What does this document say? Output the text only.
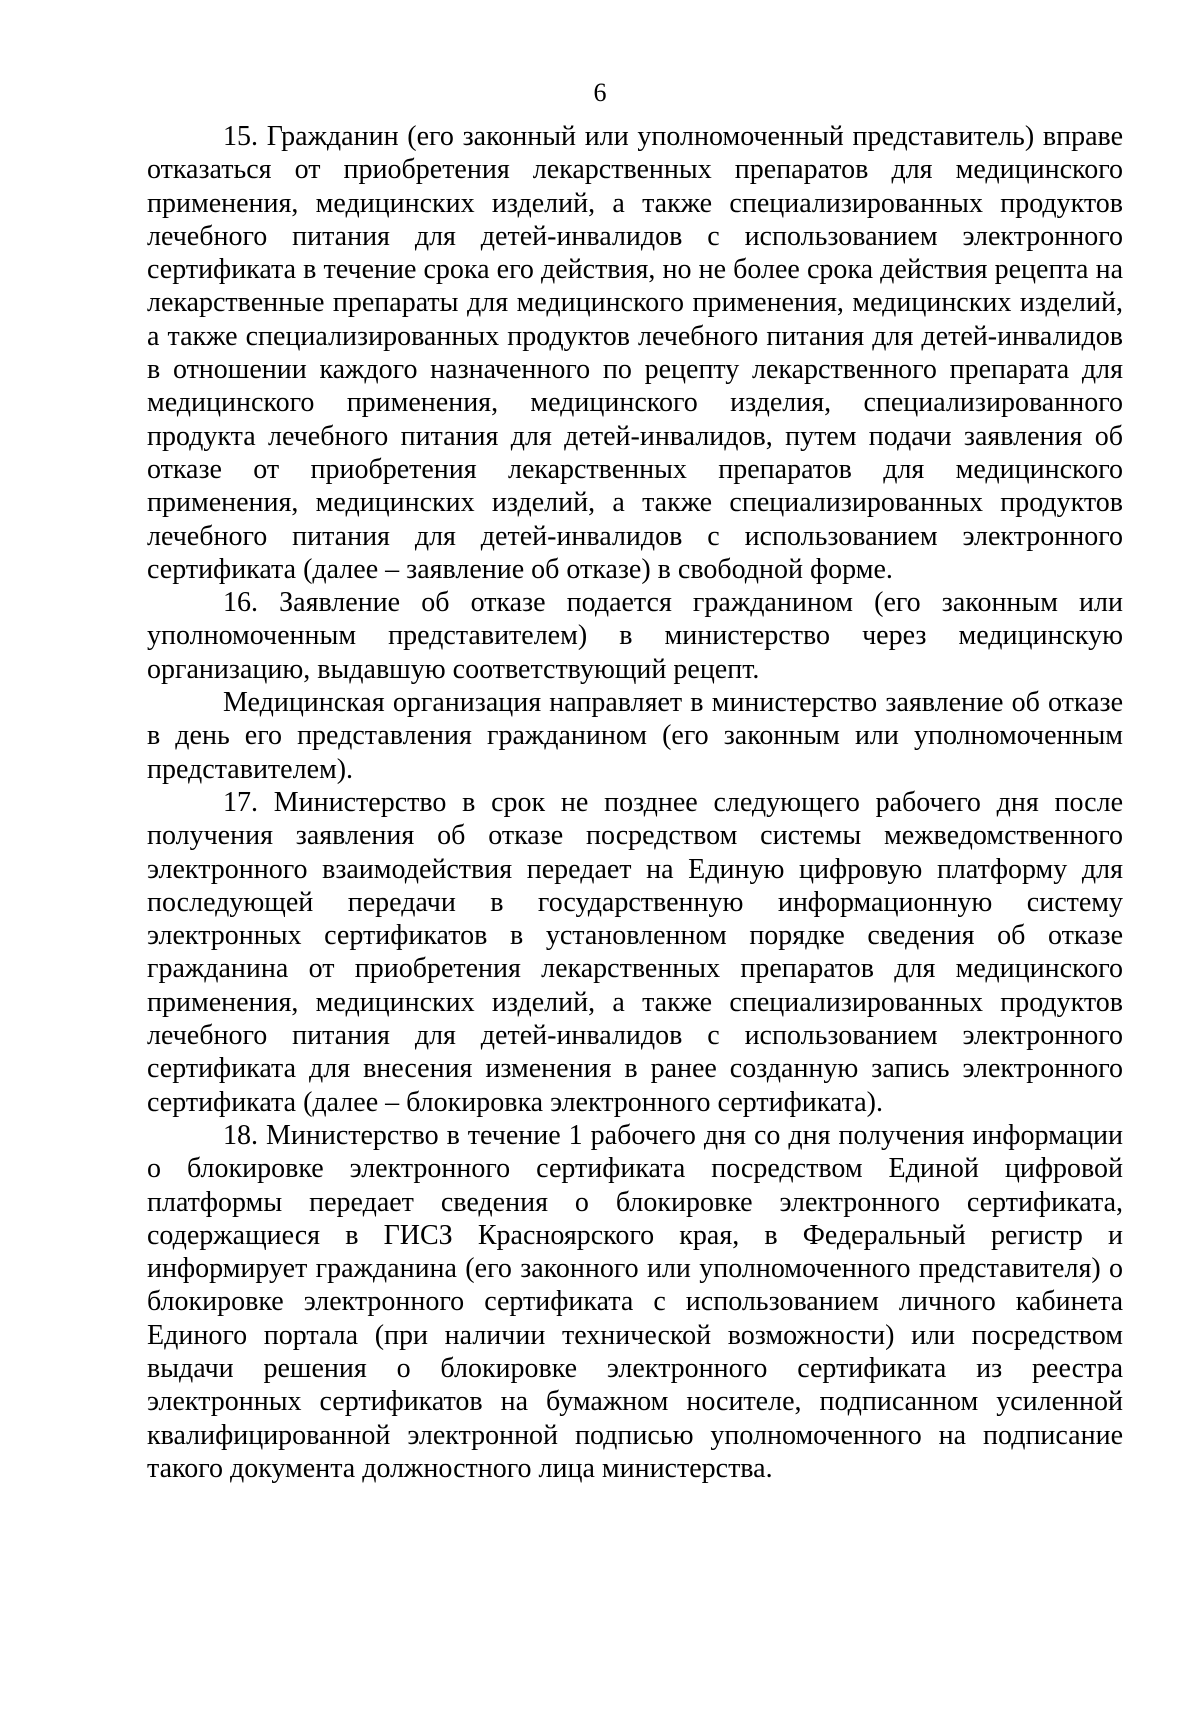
6

15. Гражданин (его законный или уполномоченный представитель) вправе отказаться от приобретения лекарственных препаратов для медицинского применения, медицинских изделий, а также специализированных продуктов лечебного питания для детей-инвалидов с использованием электронного сертификата в течение срока его действия, но не более срока действия рецепта на лекарственные препараты для медицинского применения, медицинских изделий, а также специализированных продуктов лечебного питания для детей-инвалидов в отношении каждого назначенного по рецепту лекарственного препарата для медицинского применения, медицинского изделия, специализированного продукта лечебного питания для детей-инвалидов, путем подачи заявления об отказе от приобретения лекарственных препаратов для медицинского применения, медицинских изделий, а также специализированных продуктов лечебного питания для детей-инвалидов с использованием электронного сертификата (далее – заявление об отказе) в свободной форме.

16. Заявление об отказе подается гражданином (его законным или уполномоченным представителем) в министерство через медицинскую организацию, выдавшую соответствующий рецепт.

Медицинская организация направляет в министерство заявление об отказе в день его представления гражданином (его законным или уполномоченным представителем).

17. Министерство в срок не позднее следующего рабочего дня после получения заявления об отказе посредством системы межведомственного электронного взаимодействия передает на Единую цифровую платформу для последующей передачи в государственную информационную систему электронных сертификатов в установленном порядке сведения об отказе гражданина от приобретения лекарственных препаратов для медицинского применения, медицинских изделий, а также специализированных продуктов лечебного питания для детей-инвалидов с использованием электронного сертификата для внесения изменения в ранее созданную запись электронного сертификата (далее – блокировка электронного сертификата).

18. Министерство в течение 1 рабочего дня со дня получения информации о блокировке электронного сертификата посредством Единой цифровой платформы передает сведения о блокировке электронного сертификата, содержащиеся в ГИСЗ Красноярского края, в Федеральный регистр и информирует гражданина (его законного или уполномоченного представителя) о блокировке электронного сертификата с использованием личного кабинета Единого портала (при наличии технической возможности) или посредством выдачи решения о блокировке электронного сертификата из реестра электронных сертификатов на бумажном носителе, подписанном усиленной квалифицированной электронной подписью уполномоченного на подписание такого документа должностного лица министерства.
